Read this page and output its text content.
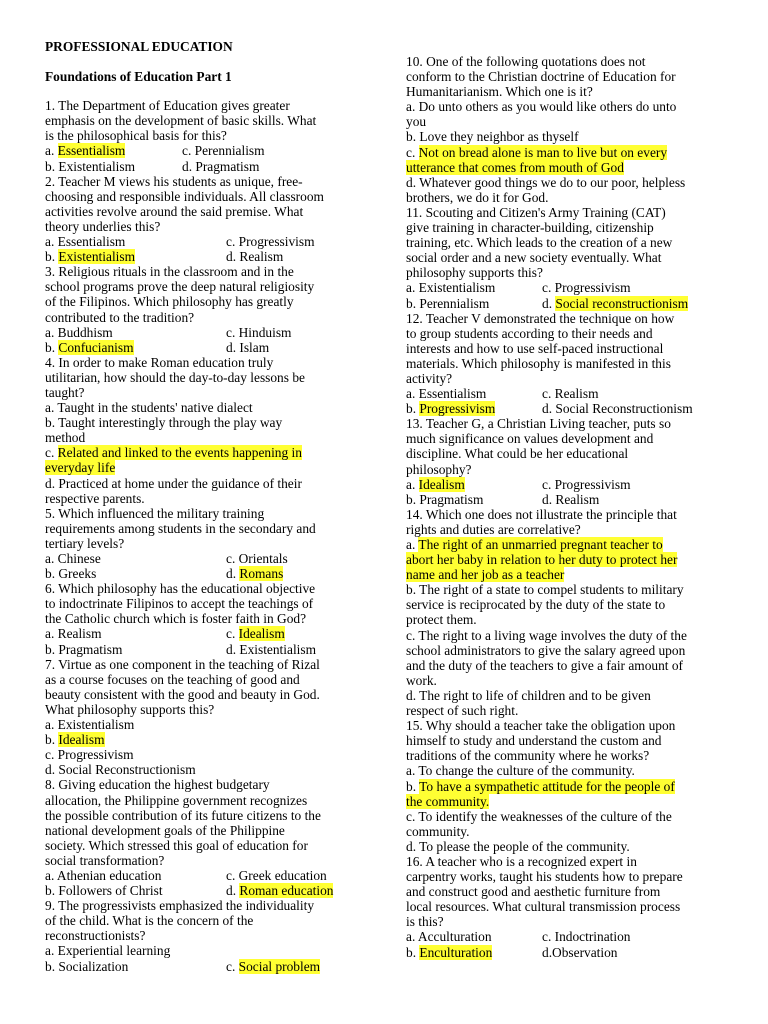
PROFESSIONAL EDUCATION
Foundations of Education Part 1
1. The Department of Education gives greater
emphasis on the development of basic skills. What
is the philosophical basis for this?
a. Essentialism	c. Perennialism
b. Existentialism	d. Pragmatism
2. Teacher M views his students as unique, free-
choosing and responsible individuals. All classroom
activities revolve around the said premise. What
theory underlies this?
a. Essentialism	c. Progressivism
b. Existentialism	d. Realism
3. Religious rituals in the classroom and in the
school programs prove the deep natural religiosity
of the Filipinos. Which philosophy has greatly
contributed to the tradition?
a. Buddhism	c. Hinduism
b. Confucianism	d. Islam
4. In order to make Roman education truly
utilitarian, how should the day-to-day lessons be
taught?
a. Taught in the students' native dialect
b. Taught interestingly through the play way
method
c. Related and linked to the events happening in
everyday life
d. Practiced at home under the guidance of their
respective parents.
5. Which influenced the military training
requirements among students in the secondary and
tertiary levels?
a. Chinese	c. Orientals
b. Greeks	d. Romans
6. Which philosophy has the educational objective
to indoctrinate Filipinos to accept the teachings of
the Catholic church which is foster faith in God?
a. Realism	c. Idealism
b. Pragmatism	d. Existentialism
7. Virtue as one component in the teaching of Rizal
as a course focuses on the teaching of good and
beauty consistent with the good and beauty in God.
What philosophy supports this?
a. Existentialism
b. Idealism
c. Progressivism
d. Social Reconstructionism
8. Giving education the highest budgetary
allocation, the Philippine government recognizes
the possible contribution of its future citizens to the
national development goals of the Philippine
society. Which stressed this goal of education for
social transformation?
a. Athenian education	c. Greek education
b. Followers of Christ	d. Roman education
9. The progressivists emphasized the individuality
of the child. What is the concern of the
reconstructionists?
a. Experiential learning
b. Socialization	c. Social problem
10. One of the following quotations does not
conform to the Christian doctrine of Education for
Humanitarianism. Which one is it?
a. Do unto others as you would like others do unto
you
b. Love they neighbor as thyself
c. Not on bread alone is man to live but on every
utterance that comes from mouth of God
d. Whatever good things we do to our poor, helpless
brothers, we do it for God.
11. Scouting and Citizen's Army Training (CAT)
give training in character-building, citizenship
training, etc. Which leads to the creation of a new
social order and a new society eventually. What
philosophy supports this?
a. Existentialism	c. Progressivism
b. Perennialism	d. Social reconstructionism
12. Teacher V demonstrated the technique on how
to group students according to their needs and
interests and how to use self-paced instructional
materials. Which philosophy is manifested in this
activity?
a. Essentialism	c. Realism
b. Progressivism	d. Social Reconstructionism
13. Teacher G, a Christian Living teacher, puts so
much significance on values development and
discipline. What could be her educational
philosophy?
a. Idealism	c. Progressivism
b. Pragmatism	d. Realism
14. Which one does not illustrate the principle that
rights and duties are correlative?
a. The right of an unmarried pregnant teacher to
abort her baby in relation to her duty to protect her
name and her job as a teacher
b. The right of a state to compel students to military
service is reciprocated by the duty of the state to
protect them.
c. The right to a living wage involves the duty of the
school administrators to give the salary agreed upon
and the duty of the teachers to give a fair amount of
work.
d. The right to life of children and to be given
respect of such right.
15. Why should a teacher take the obligation upon
himself to study and understand the custom and
traditions of the community where he works?
a. To change the culture of the community.
b. To have a sympathetic attitude for the people of
the community.
c. To identify the weaknesses of the culture of the
community.
d. To please the people of the community.
16. A teacher who is a recognized expert in
carpentry works, taught his students how to prepare
and construct good and aesthetic furniture from
local resources. What cultural transmission process
is this?
a. Acculturation	c. Indoctrination
b. Enculturation	d.Observation
